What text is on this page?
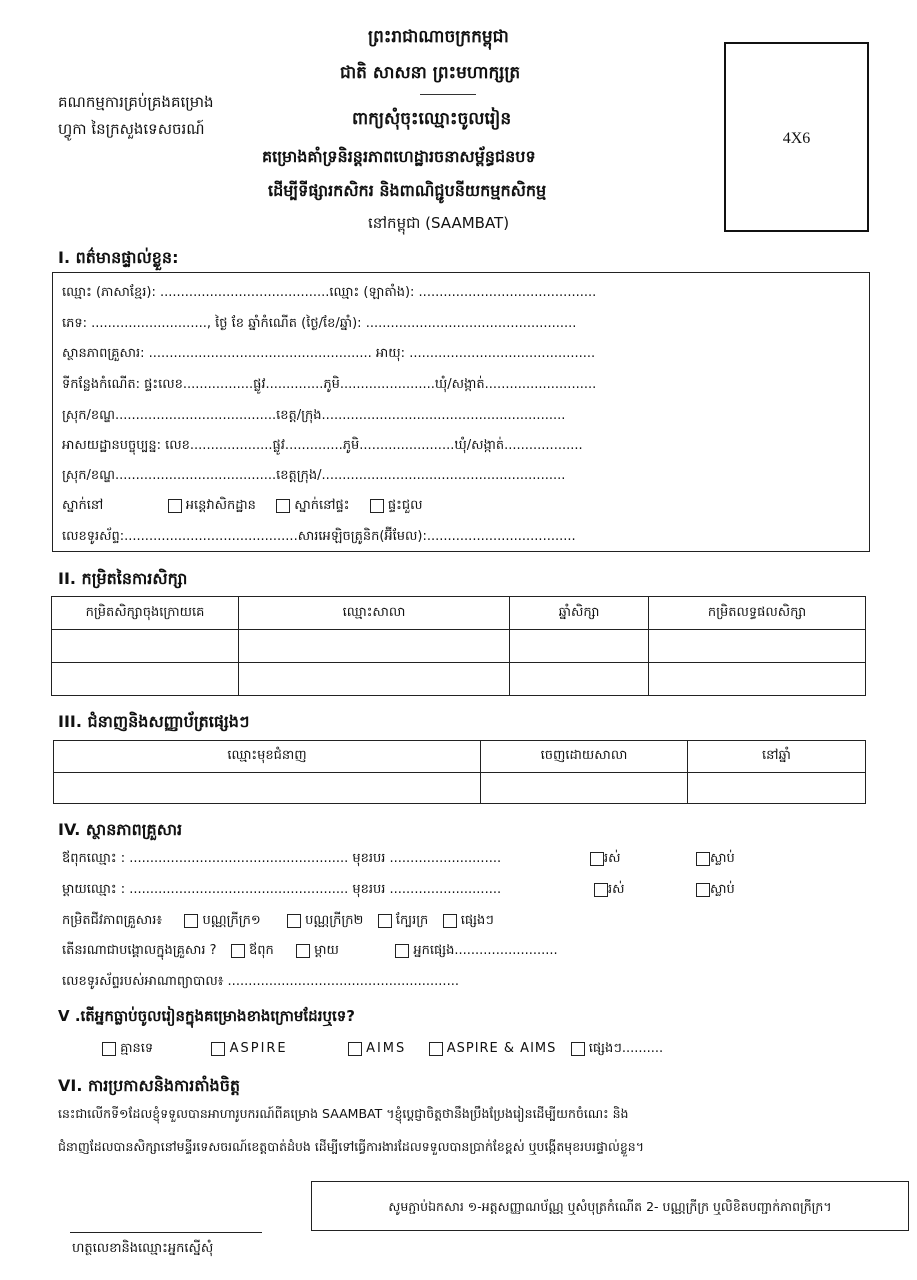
ព្រះរាជាណាចក្រកម្ពុជា
ជាតិ សាសនា ព្រះមហាក្សត្រ
គណកម្មការគ្រប់គ្រងគម្រោង
ហ្វូកា នៃក្រសួងទេសចរណ៍	ពាក្យសុំចុះឈ្មោះចូលរៀន
គម្រោងគាំទ្រនិរន្តរភាពហេដ្ឋារចនាសម្ព័ន្ធជនបទ
ដើម្បីទីផ្សារកសិករ និងពាណិជ្ជូបនីយកម្មកសិកម្ម
នៅកម្ពុជា (SAAMBAT)
4X6
I. ពត៌មានផ្ទាល់ខ្លួន:
ឈ្មោះ (ភាសាខ្មែរ): .........................................ឈ្មោះ (ឡាតាំង): ...........................................
ភេទ: ............................, ថ្ងៃ ខែ ឆ្នាំកំណើត (ថ្ងៃ/ខែ/ឆ្នាំ): ...................................................
ស្ថានភាពគ្រួសារ: ...................................................... អាយុ: .............................................
ទីកន្លែងកំណើត: ផ្ទះលេខ.................ផ្លូវ..............ភូមិ.......................ឃុំ/សង្កាត់...........................
ស្រុក/ខណ្ឌ.......................................ខេត្ត/ក្រុង...........................................................
អាសយដ្ឋានបច្ចុប្បន្ន: លេខ....................ផ្លូវ..............ភូមិ.......................ឃុំ/សង្កាត់...................
ស្រុក/ខណ្ឌ.......................................ខេត្តក្រុង/...........................................................
ស្នាក់នៅ	អន្តេវាសិកដ្ឋាន	ស្នាក់នៅផ្ទះ	ផ្ទះជួល
លេខទូរស័ព្ទ:..........................................សារអេឡិចត្រូនិក(អ៊ីមែល):....................................
II. កម្រិតនៃការសិក្សា
កម្រិតសិក្សាចុងក្រោយគេ	ឈ្មោះសាលា	ឆ្នាំសិក្សា	កម្រិតលទ្ធផលសិក្សា

III. ជំនាញនិងសញ្ញាប័ត្រផ្សេងៗ
ឈ្មោះមុខជំនាញ	ចេញដោយសាលា	នៅឆ្នាំ

IV. ស្ថានភាពគ្រួសារ
ឪពុកឈ្មោះ : ..................................................... មុខរបរ ...........................	រស់	ស្លាប់
ម្តាយឈ្មោះ : ..................................................... មុខរបរ ...........................	រស់	ស្លាប់
កម្រិតជីវភាពគ្រួសារ៖	បណ្ណក្រីក្រ១	បណ្ណក្រីក្រ២ ក្បែរក្រ ផ្សេងៗ
តើនរណាជាបង្គោលក្នុងគ្រួសារ ? ឪពុក	ម្តាយ	អ្នកផ្សេង.........................
លេខទូរស័ព្ទរបស់អាណាព្យាបាល៖ ........................................................
V .តើអ្នកធ្លាប់ចូលរៀនក្នុងគម្រោងខាងក្រោមដែរឬទេ?
គ្មានទេ	ASPIRE	AIMS	ASPIRE & AIMS ផ្សេងៗ..........
VI. ការប្រកាសនិងការតាំងចិត្ត
នេះជាលើកទី១ដែលខ្ញុំទទួលបានអាហារូបករណ៍ពីគម្រោង SAAMBAT ។ខ្ញុំប្តេជ្ញាចិត្តថានឹងប្រឹងប្រែងរៀនដើម្បីយកចំណេះ និង
ជំនាញដែលបានសិក្សានៅមន្ទីរទេសចរណ៍ខេត្តបាត់ដំបង ដើម្បីទៅធ្វើការងារដែលទទួលបានប្រាក់ខែខ្ពស់ ឬបង្កើតមុខរបរផ្ទាល់ខ្លួន។
សូមភ្ជាប់ឯកសារ ១-អត្តសញ្ញាណប័ណ្ណ ឬសំបុត្រកំណើត 2- បណ្ណក្រីក្រ ឬលិខិតបញ្ជាក់ភាពក្រីក្រ។
ហត្ថលេខានិងឈ្មោះអ្នកស្នើសុំ
